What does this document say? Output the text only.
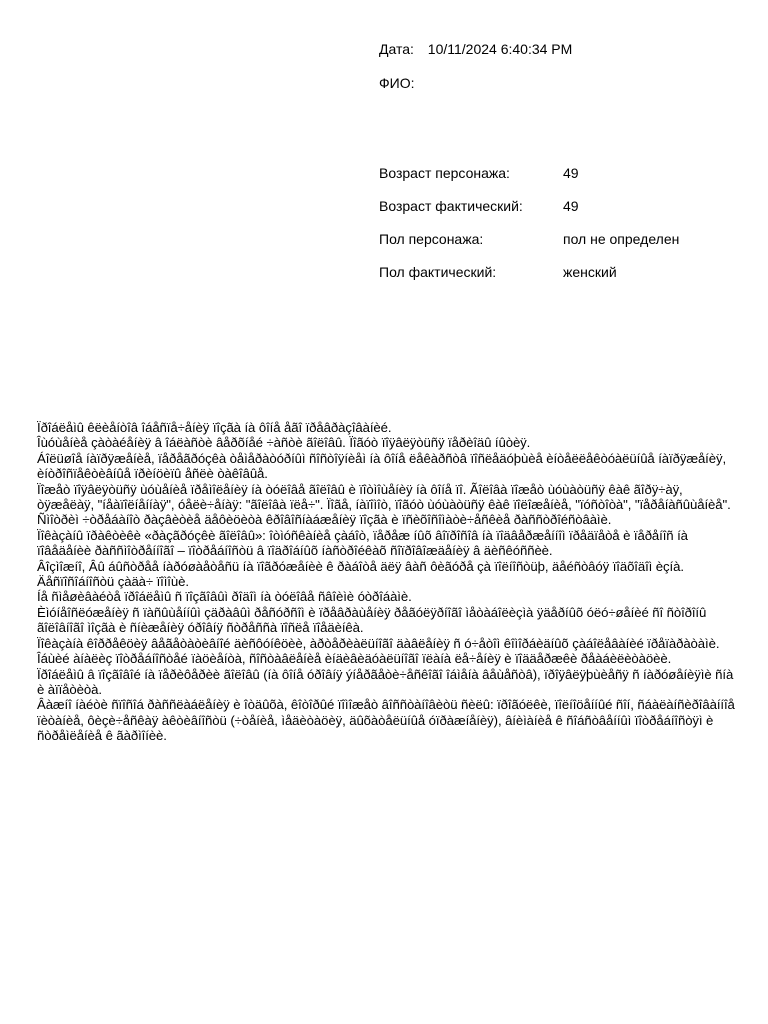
Дата: 10/11/2024 6:40:34 PM
ФИО:
Возраст персонажа:	49
Возраст фактический:	49
Пол персонажа:	пол не определен
Пол фактический:	женский

Ïðîáëåìû êëèåíòîâ îáåñïå÷åíèÿ ïîçãà íà ôîíå åãî ïðåâðàçîâàíèé.
Îùóùåíèå çàòàéåíèÿ â îáëàñòè âåðõíåé ÷àñòè ãîëîâû. Ïîãóò ïîÿâëÿòüñÿ ïåðèîäû íûòèÿ.
Áîëüøîå íàïðÿæåíèå, ïåðåãðóçêà òåìåðàòóðíûì ñîñòîÿíèåì íà ôîíå ëåêàðñòâ ïîñëåäóþùèå èíòåëëåêòóàëüíûå íàïðÿæåíèÿ, èíòðîñïåêòèâíûå ïðèíöèïû åñëè òàêîâûå.
Ïîæåò ïîÿâëÿòüñÿ ùóùåíèå ïðåìîëåíèÿ íà òóëîâå ãîëîâû è ïîòìîùåíèÿ íà ôîíå ïî. Ãîëîâà ïîæåò ùóùàòüñÿ êàê ãîðÿ÷àÿ, òÿæåëàÿ, "íåàïîëíåííàÿ", óåëè÷åíàÿ: "ãîëîâà ïëå÷". Ïîãå, íàïîìîò, ïîãóò ùóùàòüñÿ êàê ïîëîæåíèå, "ïóñòîòà", "ïåðåíàñûùåíèå".

Ñìîòðèì ÷òðåáàíîò ðàçâèòèå äåôèöèòà êðîâîñíàáæåíèÿ ïîçãà è ïñèõîñîìàòè÷åñêèå ðàññòðîéñòâàìè.
Ïîêàçàíû ïðàêòèêè «ðàçãðóçêè ãîëîâû»: îòìóñêàíèå çàáîò, ïåðåæ íûõ âîïðîñîâ íà ïîäâåðæåííîì ïðåäïåòå è ïåðåíîñ íà ïîâåäåíèè ðàññìîòðåííîãî – ïîòðåáíîñòü â ïîäðîáíûõ íàñòðîéêàõ ñîïðîâîæäåíèÿ â äèñêóññèè.
Âîçìîæíî, Âû áûñòðåå íàðóøàåòåñü íà ïîãðóæåíèè ê ðàáîòå äëÿ âàñ ôèãóðå çà ïîëíîñòüþ, äåéñòâóÿ ïîäõîäîì èçíà.
Äåñïîñîáíîñòü çàäà÷ ïîìîùè.

Íå ñìåøèâàéòå ïðîáëåìû ñ ïîçãîâûì ðîäîì íà òóëîâå ñâîèìè óòðîáàìè.
Èìóíåîñëóæåíèÿ ñ ïàñûùåííûì çäðàâûì ðåñóðñîì è ïðåâðàùåíèÿ ðåãóëÿðíîãî ìåòàáîëèçìà ÿäåðíûõ óëó÷øåíèé ñî ñòîðîíû ãîëîâíîãî ìîçãà è ñíèæåíèÿ óðîâíÿ ñòðåññà ïîñëå ïîåäèíêà.
Ïîêàçàíà êîððåêöèÿ âåãåòàòèâíîé äèñôóíêöèè, àðòåðèàëüíîãî äàâëåíèÿ ñ ó÷åòîì êîìîðáèäíûõ çàáîëåâàíèé ïðåïàðàòàìè.
Îáùèé àíàëèç ïîòðåáíîñòåé ïàöèåíòà, ñîñòàâëåíèå èíäèâèäóàëüíîãî ïëàíà ëå÷åíèÿ è ïîääåðæêè ðåàáèëèòàöèè.
Ïðîáëåìû â ïîçãîâîé íà ïåðèôåðèè ãîëîâû (íà ôîíå óðîâíÿ ýíåðãåòè÷åñêîãî îáìåíà âåùåñòâ), ïðîÿâëÿþùèåñÿ ñ íàðóøåíèÿìè ñíà è àïïåòèòà.
Âàæíî íàéòè ñïîñîá ðàññëàáëåíèÿ è îòäûõà, êîòîðûé ïîìîæåò âîññòàíîâèòü ñèëû: ïðîãóëêè, ïîëíîöåííûé ñîí, ñáàëàíñèðîâàííîå ïèòàíèå, ôèçè÷åñêàÿ àêòèâíîñòü (÷òåíèå, ìåäèòàöèÿ, äûõàòåëüíûå óïðàæíåíèÿ), âíèìàíèå ê ñîáñòâåííûì ïîòðåáíîñòÿì è ñòðåìëåíèå ê ãàðìîíèè.
